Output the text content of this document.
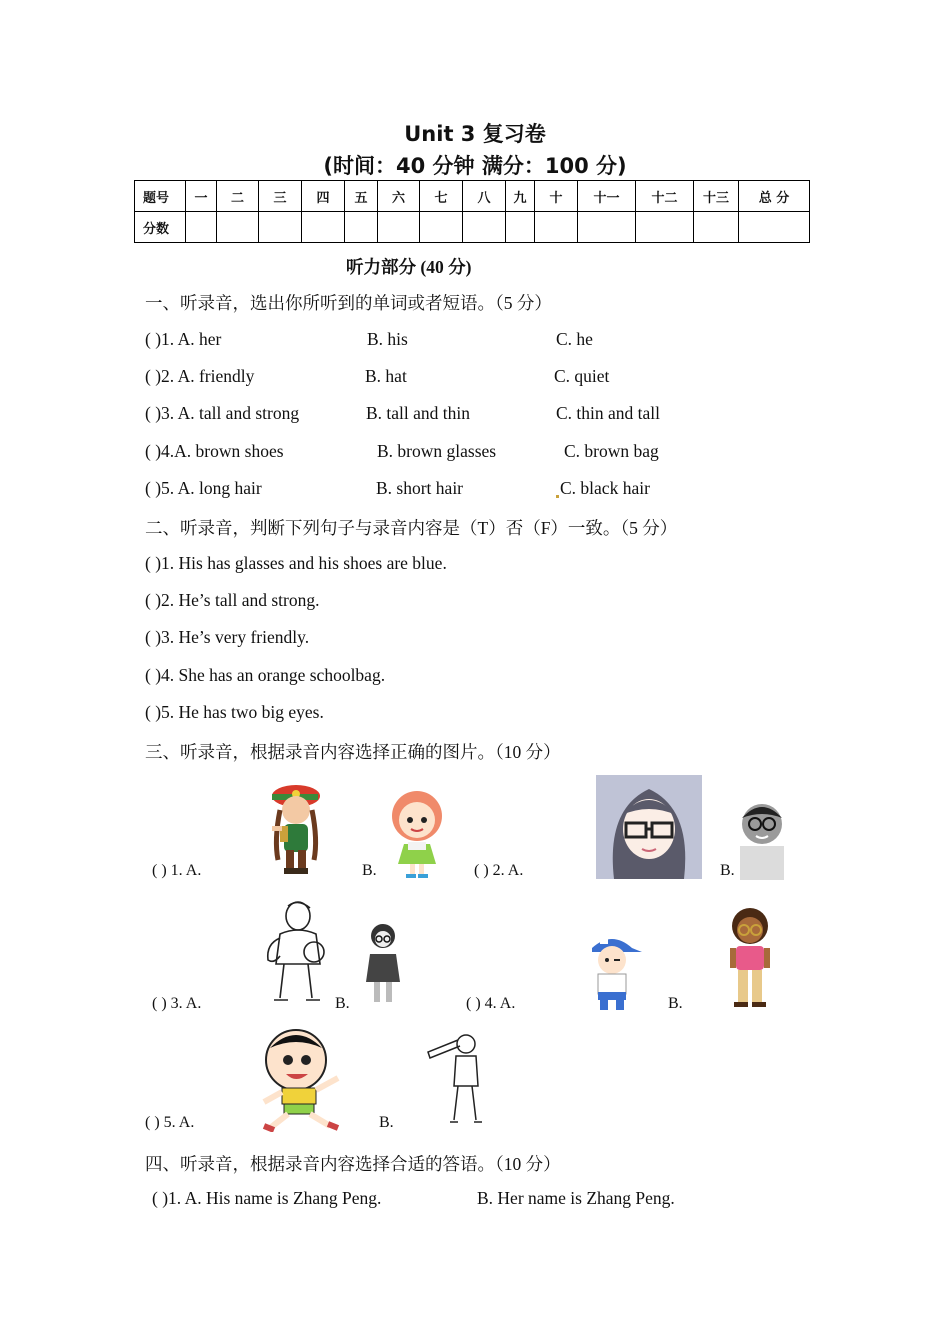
Unit 3 复习卷
(时间：40 分钟 满分：100 分)
题号	一	二	三	四	五	六	七	八	九	十	十一	十二	十三	总 分
分数														
听力部分 (40 分)
一、听录音，选出你所听到的单词或者短语。（5 分）
( )1. A. her	B. his	C. he
( )2. A. friendly	B. hat	C. quiet
( )3. A. tall and strong	B. tall and thin	C. thin and tall
( )4.A. brown shoes	B. brown glasses	C. brown bag
( )5. A. long hair	B. short hair	C. black hair
二、听录音，判断下列句子与录音内容是（T）否（F）一致。（5 分）
( )1. His has glasses and his shoes are blue.
( )2. He’s tall and strong.
( )3. He’s very friendly.
( )4. She has an orange schoolbag.
( )5. He has two big eyes.
三、听录音，根据录音内容选择正确的图片。（10 分）
( ) 1. A.	B.	( ) 2. A.	B.
( ) 3. A.	B.	( ) 4. A.	B.
( ) 5. A.	B.
四、听录音，根据录音内容选择合适的答语。（10 分）
( )1. A. His name is Zhang Peng.	B. Her name is Zhang Peng.
